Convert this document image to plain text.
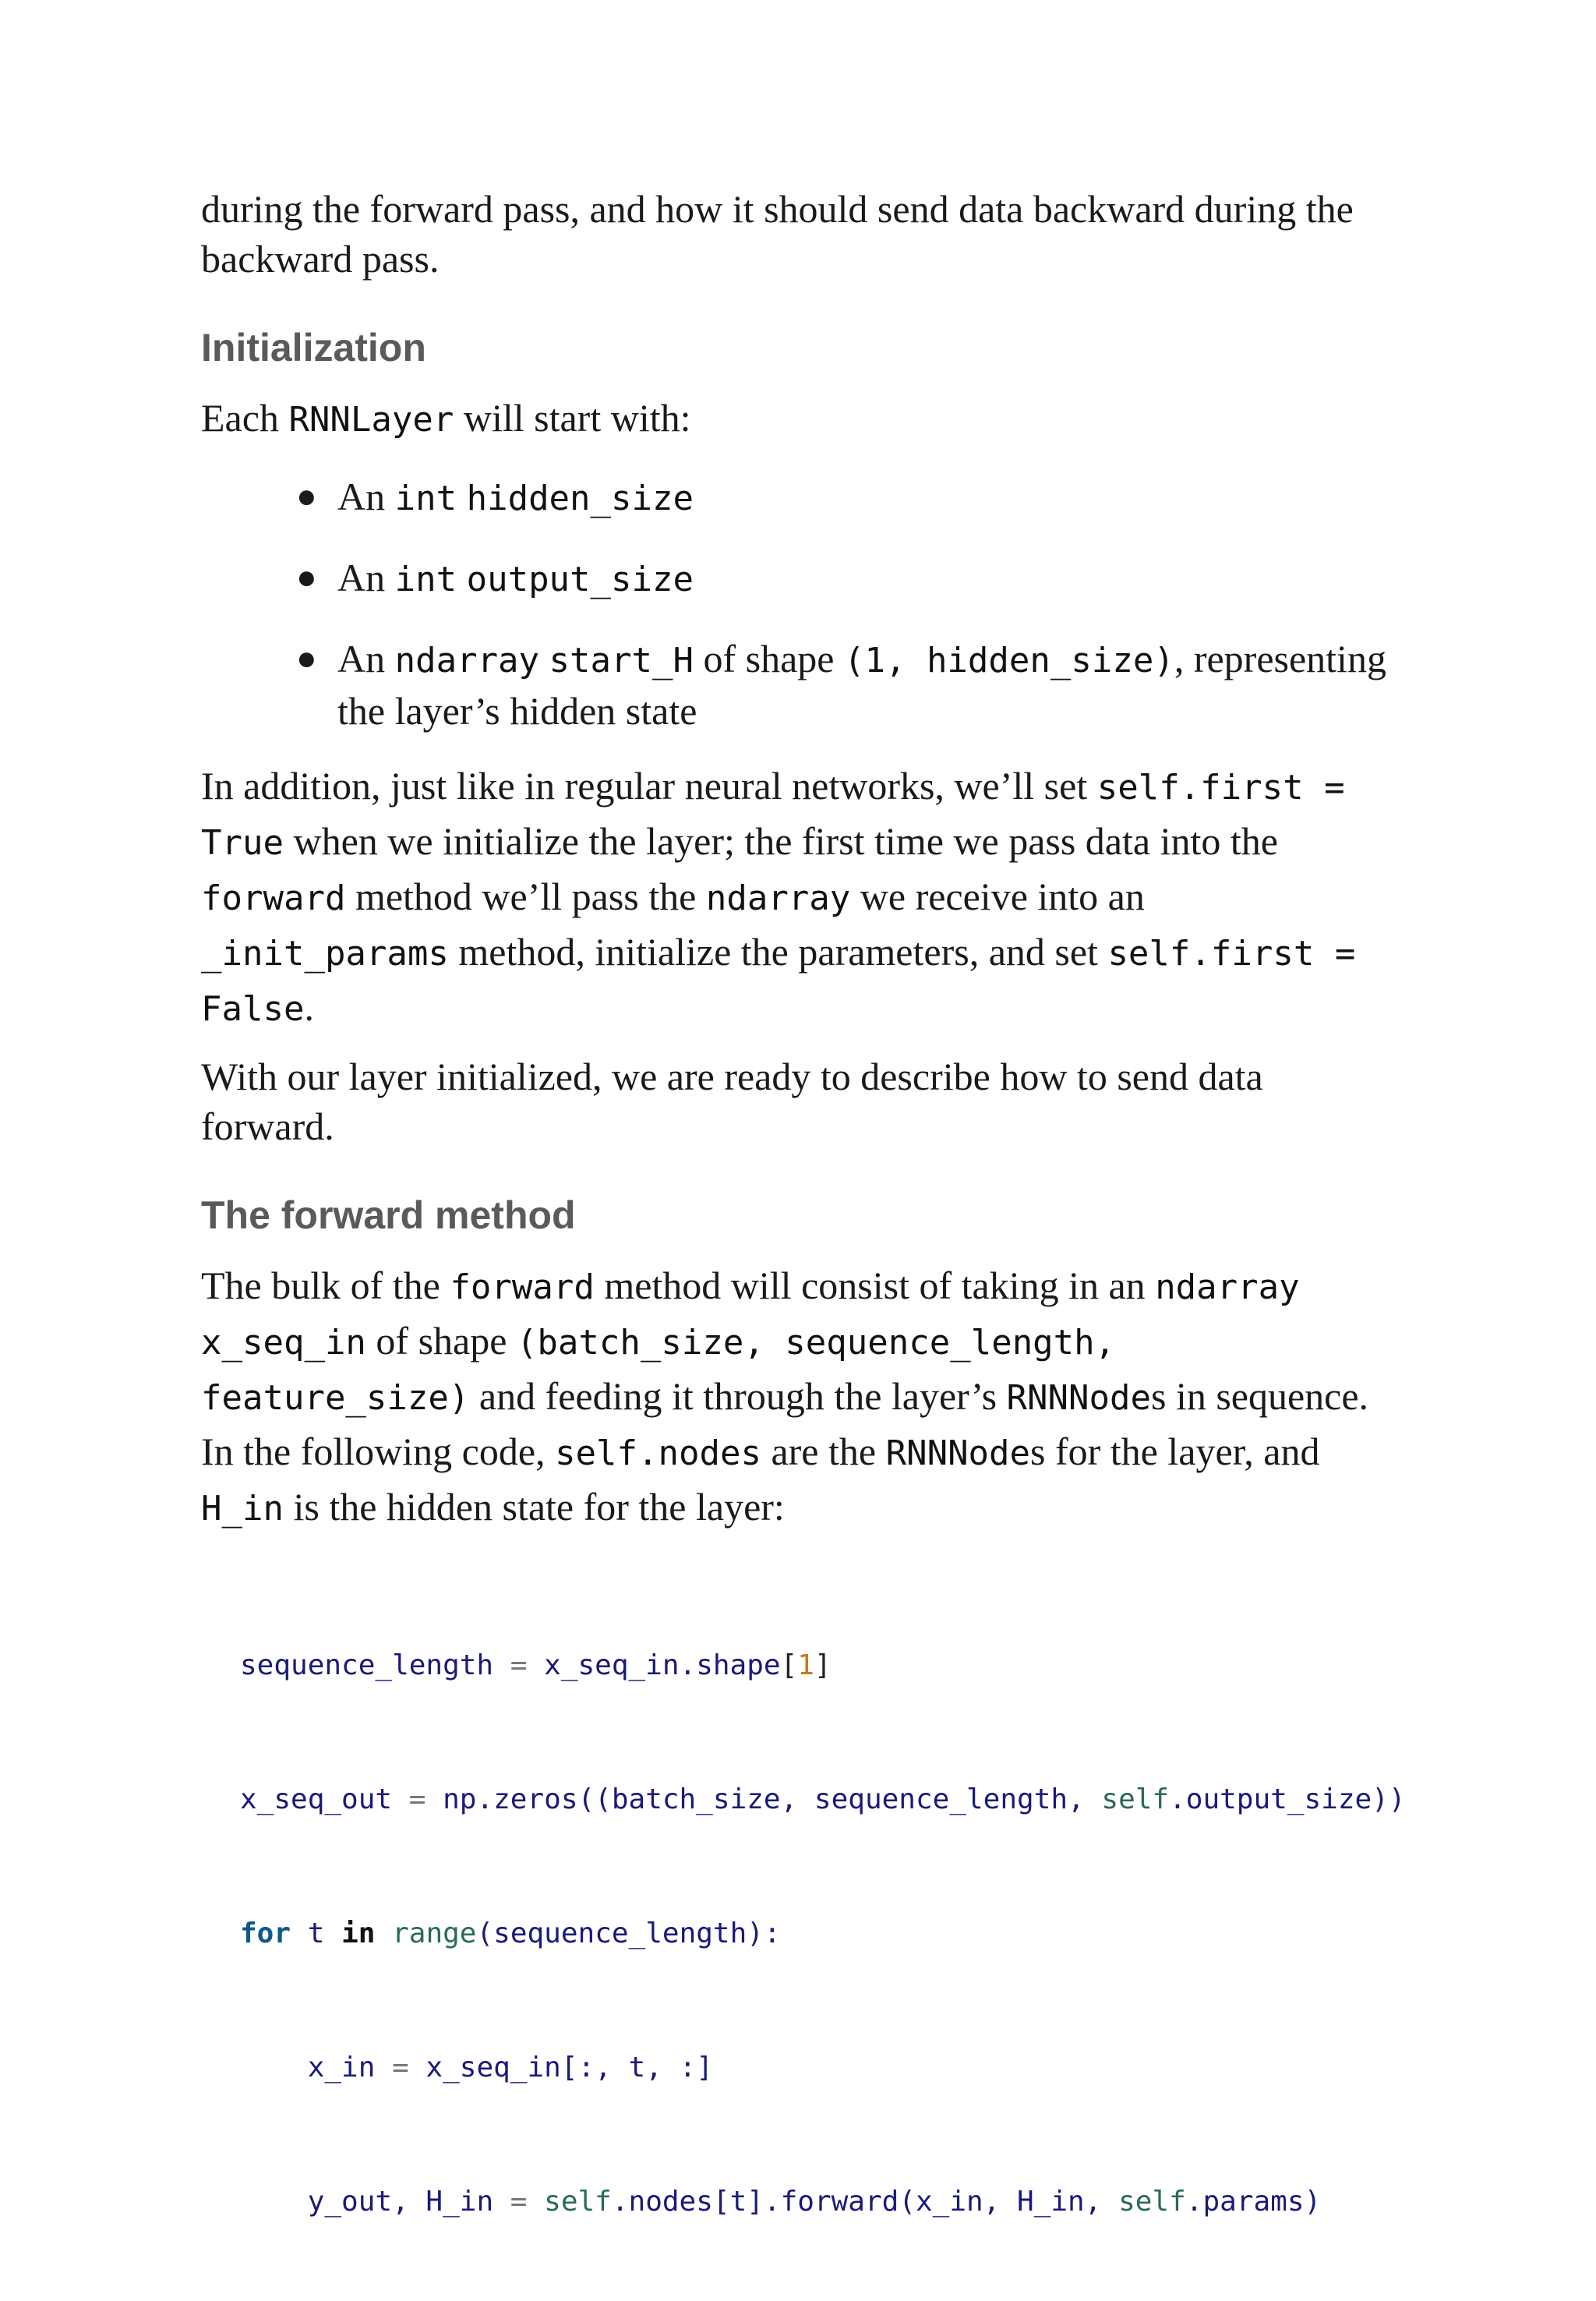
during the forward pass, and how it should send data backward during the backward pass.

Initialization

Each RNNLayer will start with:

● An int hidden_size
● An int output_size
● An ndarray start_H of shape (1, hidden_size), representing the layer’s hidden state

In addition, just like in regular neural networks, we’ll set self.first = True when we initialize the layer; the first time we pass data into the forward method we’ll pass the ndarray we receive into an _init_params method, initialize the parameters, and set self.first = False.

With our layer initialized, we are ready to describe how to send data forward.

The forward method

The bulk of the forward method will consist of taking in an ndarray x_seq_in of shape (batch_size, sequence_length, feature_size) and feeding it through the layer’s RNNNodes in sequence. In the following code, self.nodes are the RNNNodes for the layer, and H_in is the hidden state for the layer:

sequence_length = x_seq_in.shape[1]

x_seq_out = np.zeros((batch_size, sequence_length, self.output_size))

for t in range(sequence_length):

x_in = x_seq_in[:, t, :]

y_out, H_in = self.nodes[t].forward(x_in, H_in, self.params)
